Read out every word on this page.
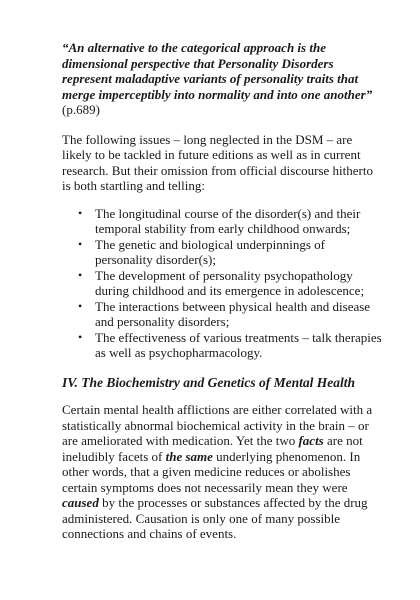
“An alternative to the categorical approach is the dimensional perspective that Personality Disorders represent maladaptive variants of personality traits that merge imperceptibly into normality and into one another” (p.689)

The following issues – long neglected in the DSM – are likely to be tackled in future editions as well as in current research. But their omission from official discourse hitherto is both startling and telling:

• The longitudinal course of the disorder(s) and their temporal stability from early childhood onwards;
• The genetic and biological underpinnings of personality disorder(s);
• The development of personality psychopathology during childhood and its emergence in adolescence;
• The interactions between physical health and disease and personality disorders;
• The effectiveness of various treatments – talk therapies as well as psychopharmacology.

IV. The Biochemistry and Genetics of Mental Health

Certain mental health afflictions are either correlated with a statistically abnormal biochemical activity in the brain – or are ameliorated with medication. Yet the two facts are not ineludibly facets of the same underlying phenomenon. In other words, that a given medicine reduces or abolishes certain symptoms does not necessarily mean they were caused by the processes or substances affected by the drug administered. Causation is only one of many possible connections and chains of events.
